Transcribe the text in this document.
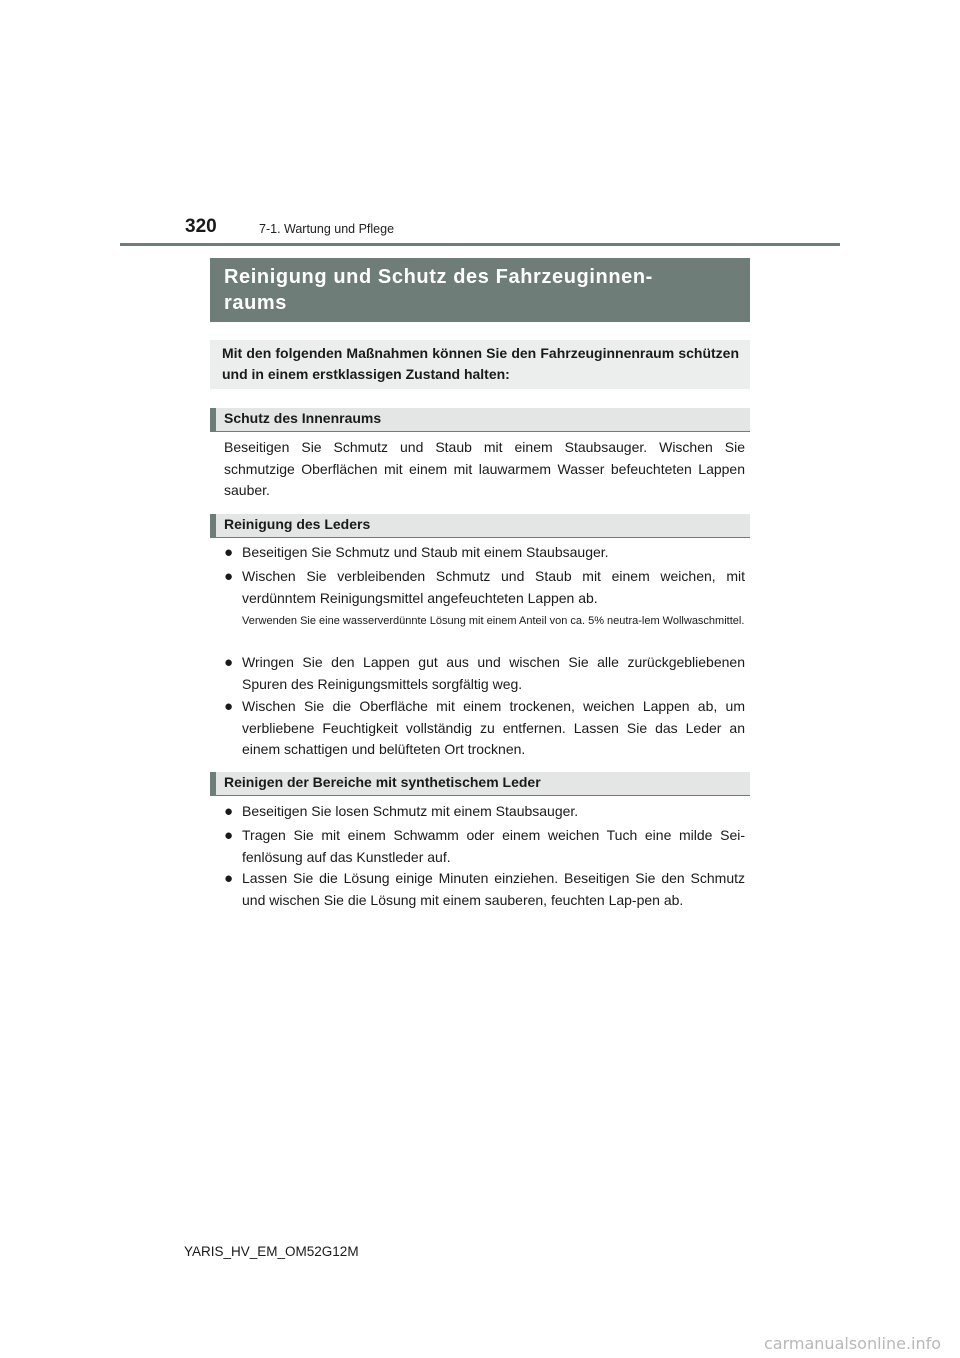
320	7-1. Wartung und Pflege
Reinigung und Schutz des Fahrzeuginnen-
raums
Mit den folgenden Maßnahmen können Sie den Fahrzeuginnenraum schützen und in einem erstklassigen Zustand halten:
Schutz des Innenraums
Beseitigen Sie Schmutz und Staub mit einem Staubsauger. Wischen Sie schmutzige Oberflächen mit einem mit lauwarmem Wasser befeuchteten Lappen sauber.
Reinigung des Leders
● Beseitigen Sie Schmutz und Staub mit einem Staubsauger.
● Wischen Sie verbleibenden Schmutz und Staub mit einem weichen, mit verdünntem Reinigungsmittel angefeuchteten Lappen ab.
Verwenden Sie eine wasserverdünnte Lösung mit einem Anteil von ca. 5% neutra-lem Wollwaschmittel.
● Wringen Sie den Lappen gut aus und wischen Sie alle zurückgebliebenen Spuren des Reinigungsmittels sorgfältig weg.
● Wischen Sie die Oberfläche mit einem trockenen, weichen Lappen ab, um verbliebene Feuchtigkeit vollständig zu entfernen. Lassen Sie das Leder an einem schattigen und belüfteten Ort trocknen.
Reinigen der Bereiche mit synthetischem Leder
● Beseitigen Sie losen Schmutz mit einem Staubsauger.
● Tragen Sie mit einem Schwamm oder einem weichen Tuch eine milde Sei-fenlösung auf das Kunstleder auf.
● Lassen Sie die Lösung einige Minuten einziehen. Beseitigen Sie den Schmutz und wischen Sie die Lösung mit einem sauberen, feuchten Lap-pen ab.
YARIS_HV_EM_OM52G12M
carmanualsonline.info
